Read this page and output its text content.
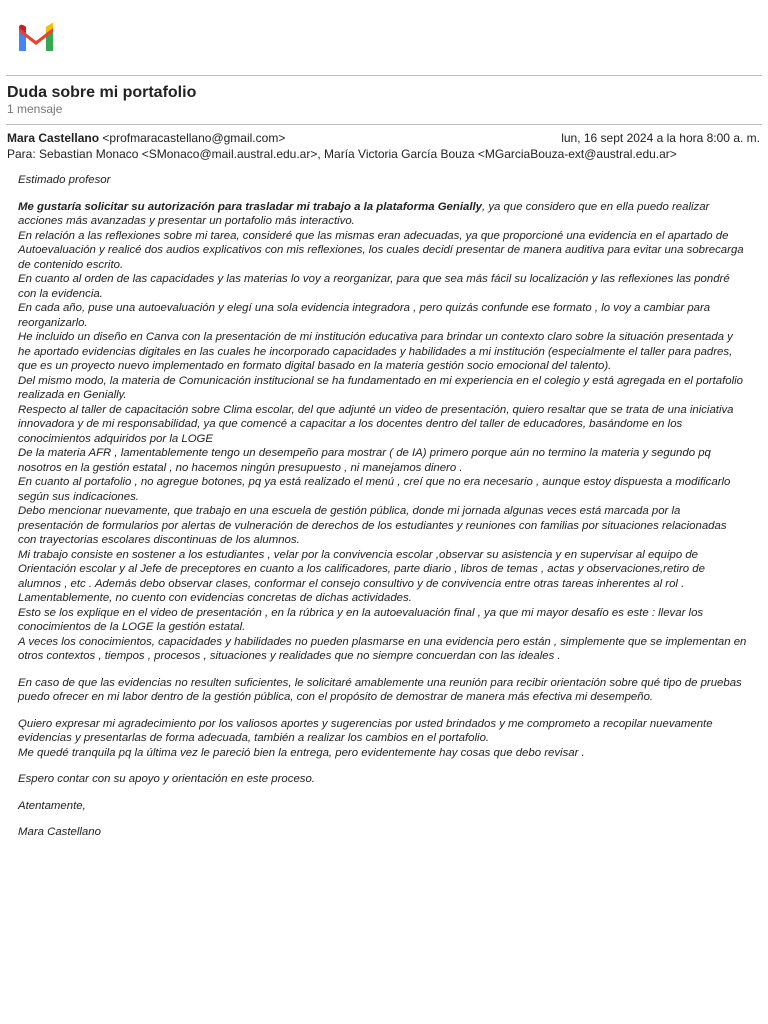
Duda sobre mi portafolio
1 mensaje
Mara Castellano <profmaracastellano@gmail.com>	lun, 16 sept 2024 a la hora 8:00 a. m.
Para: Sebastian Monaco <SMonaco@mail.austral.edu.ar>, María Victoria García Bouza <MGarciaBouza-ext@austral.edu.ar>

Estimado profesor

Me gustaría solicitar su autorización para trasladar mi trabajo a la plataforma Genially, ya que considero que en ella puedo realizar acciones más avanzadas y presentar un portafolio más interactivo.

En relación a las reflexiones sobre mi tarea, consideré que las mismas eran adecuadas, ya que proporcioné una evidencia en el apartado de Autoevaluación y realicé dos audios explicativos con mis reflexiones, los cuales decidí presentar de manera auditiva para evitar una sobrecarga de contenido escrito.

En cuanto al orden de las capacidades y las materias lo voy a reorganizar, para que sea más fácil su localización y las reflexiones las pondré con la evidencia.

En cada año, puse una autoevaluación y elegí una sola evidencia integradora , pero quizás confunde ese formato , lo voy a cambiar para reorganizarlo.

He incluido un diseño en Canva con la presentación de mi institución educativa para brindar un contexto claro sobre la situación presentada y he aportado evidencias digitales en las cuales he incorporado capacidades y habilidades a mi institución (especialmente el taller para padres, que es un proyecto nuevo implementado en formato digital basado en la materia gestión socio emocional del talento).

Del mismo modo, la materia de Comunicación institucional se ha fundamentado en mi experiencia en el colegio y está agregada en el portafolio realizada en Genially.

Respecto al taller de capacitación sobre Clima escolar, del que adjunté un video de presentación, quiero resaltar que se trata de una iniciativa innovadora y de mi responsabilidad, ya que comencé a capacitar a los docentes dentro del taller de educadores, basándome en los conocimientos adquiridos por la LOGE

De la materia AFR , lamentablemente tengo un desempeño para mostrar ( de IA) primero porque aún no termino la materia y segundo pq nosotros en la gestión estatal , no hacemos ningún presupuesto , ni manejamos dinero .

En cuanto al portafolio , no agregue botones, pq ya está realizado el menú , creí que no era necesario , aunque estoy dispuesta a modificarlo según sus indicaciones.

Debo mencionar nuevamente, que trabajo en una escuela de gestión pública, donde mi jornada algunas veces está marcada por la presentación de formularios por alertas de vulneración de derechos de los estudiantes y reuniones con familias por situaciones relacionadas con trayectorias escolares discontinuas de los alumnos.

Mi trabajo consiste en sostener a los estudiantes , velar por la convivencia escolar ,observar su asistencia y en supervisar al equipo de Orientación escolar y al Jefe de preceptores en cuanto a los calificadores, parte diario , libros de temas , actas y observaciones,retiro de alumnos , etc . Además debo observar clases, conformar el consejo consultivo y de convivencia entre otras tareas inherentes al rol .

Lamentablemente, no cuento con evidencias concretas de dichas actividades.

Esto se los explique en el video de presentación , en la rúbrica y en la autoevaluación final , ya que mi mayor desafío es este : llevar los conocimientos de la LOGE la gestión estatal.

A veces los conocimientos, capacidades y habilidades no pueden plasmarse en una evidencia pero están , simplemente que se implementan en otros contextos , tiempos , procesos , situaciones y realidades que no siempre concuerdan con las ideales .

En caso de que las evidencias no resulten suficientes, le solicitaré amablemente una reunión para recibir orientación sobre qué tipo de pruebas puedo ofrecer en mi labor dentro de la gestión pública, con el propósito de demostrar de manera más efectiva mi desempeño.

Quiero expresar mi agradecimiento por los valiosos aportes y sugerencias por usted brindados y me comprometo a recopilar nuevamente evidencias y presentarlas de forma adecuada, también a realizar los cambios en el portafolio.

Me quedé tranquila pq la última vez le pareció bien la entrega, pero evidentemente hay cosas que debo revisar .

Espero contar con su apoyo y orientación en este proceso.

Atentamente,

Mara Castellano
